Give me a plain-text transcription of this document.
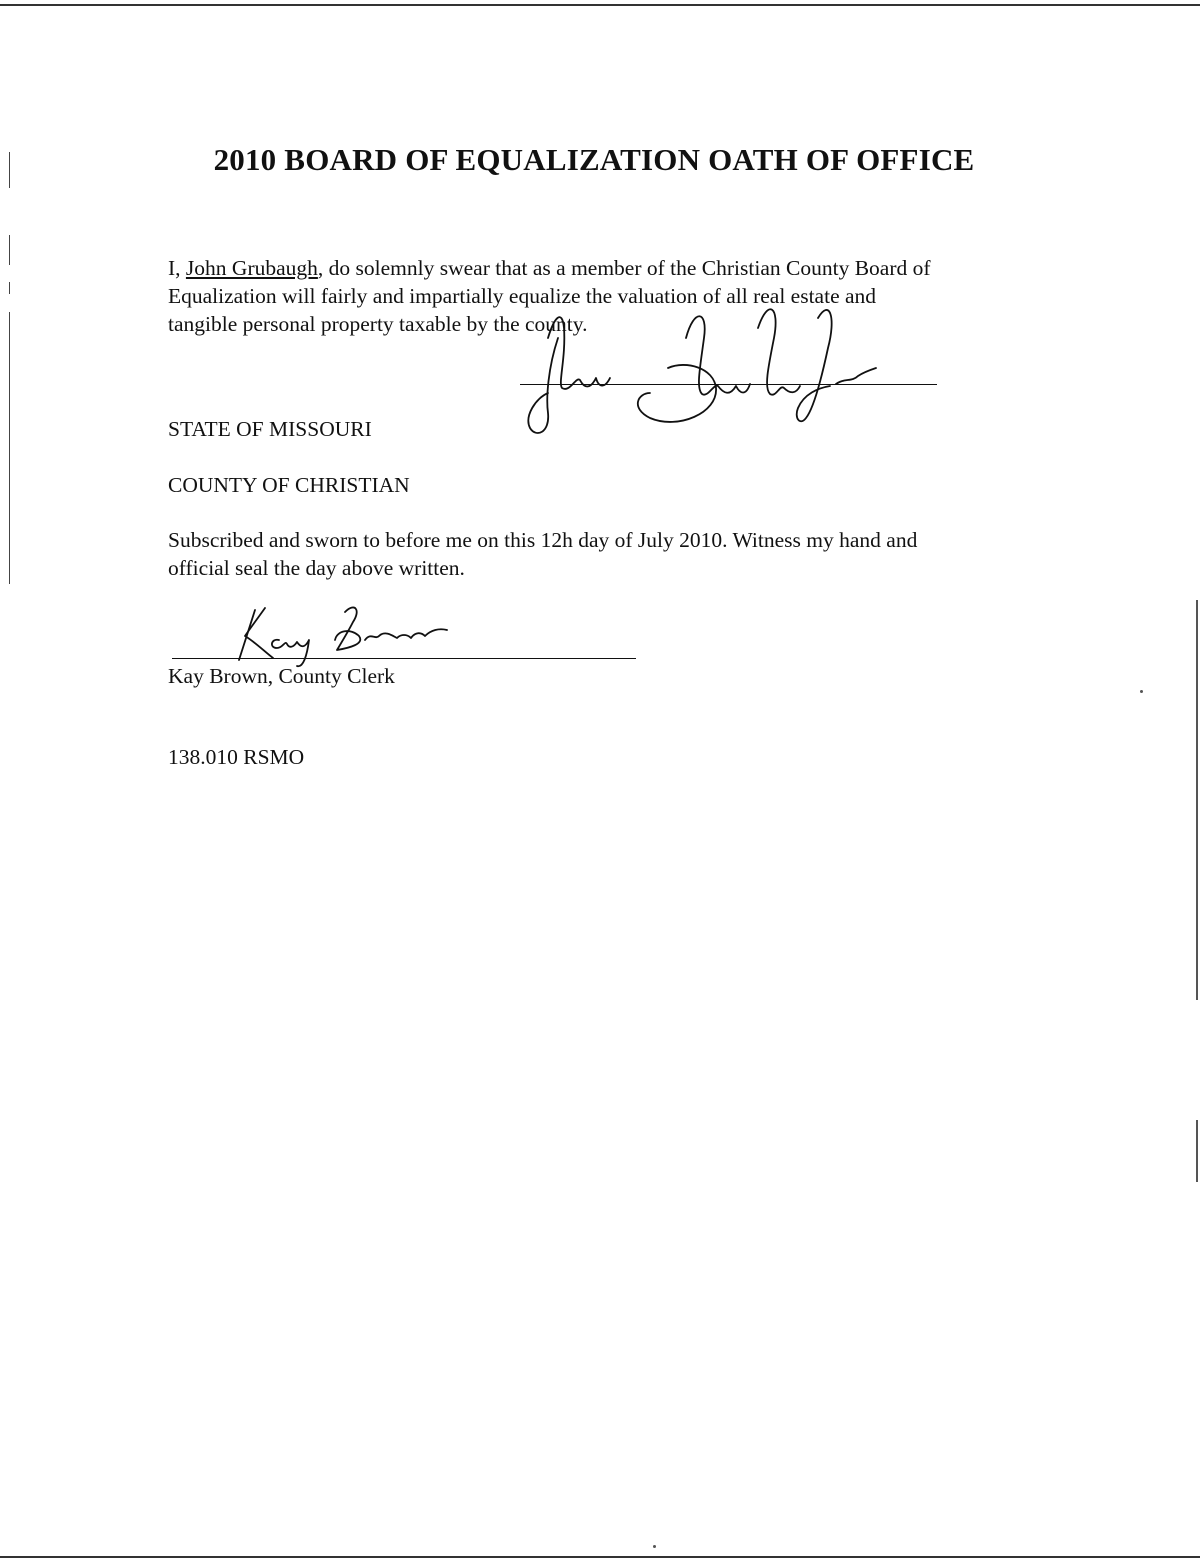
2010 BOARD OF EQUALIZATION OATH OF OFFICE

I, John Grubaugh, do solemnly swear that as a member of the Christian County Board of
Equalization will fairly and impartially equalize the valuation of all real estate and
tangible personal property taxable by the county.

STATE OF MISSOURI

COUNTY OF CHRISTIAN

Subscribed and sworn to before me on this 12h day of July 2010. Witness my hand and
official seal the day above written.

Kay Brown, County Clerk

138.010 RSMO
